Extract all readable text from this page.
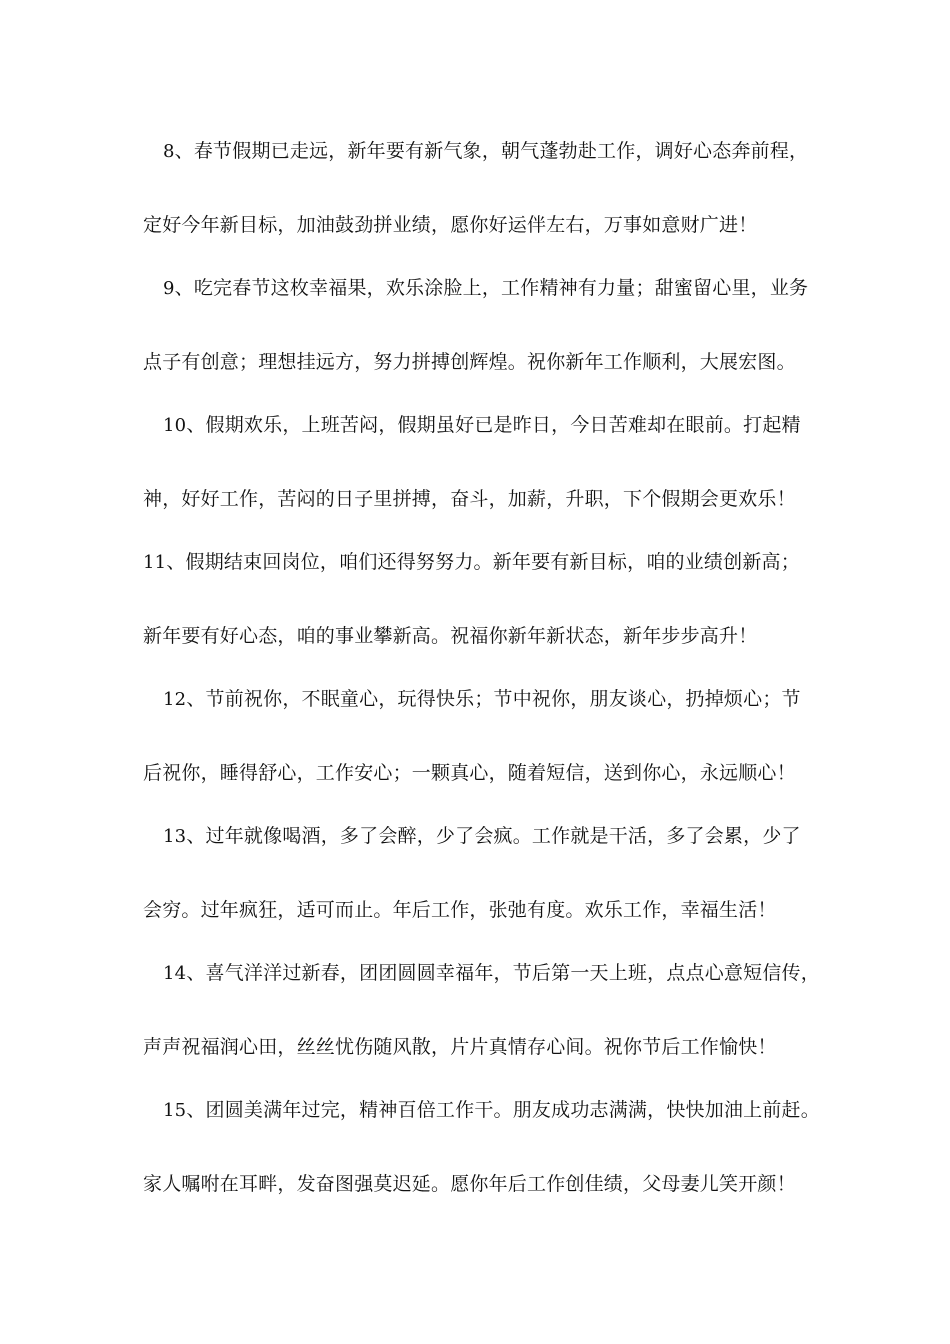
8、春节假期已走远，新年要有新气象，朝气蓬勃赴工作，调好心态奔前程，
定好今年新目标，加油鼓劲拼业绩，愿你好运伴左右，万事如意财广进！
9、吃完春节这枚幸福果，欢乐涂脸上，工作精神有力量；甜蜜留心里，业务
点子有创意；理想挂远方，努力拼搏创辉煌。祝你新年工作顺利，大展宏图。
10、假期欢乐，上班苦闷，假期虽好已是昨日，今日苦难却在眼前。打起精
神，好好工作，苦闷的日子里拼搏，奋斗，加薪，升职，下个假期会更欢乐！
11、假期结束回岗位，咱们还得努努力。新年要有新目标，咱的业绩创新高；
新年要有好心态，咱的事业攀新高。祝福你新年新状态，新年步步高升！
12、节前祝你，不眠童心，玩得快乐；节中祝你，朋友谈心，扔掉烦心；节
后祝你，睡得舒心，工作安心；一颗真心，随着短信，送到你心，永远顺心！
13、过年就像喝酒，多了会醉，少了会疯。工作就是干活，多了会累，少了
会穷。过年疯狂，适可而止。年后工作，张弛有度。欢乐工作，幸福生活！
14、喜气洋洋过新春，团团圆圆幸福年，节后第一天上班，点点心意短信传，
声声祝福润心田，丝丝忧伤随风散，片片真情存心间。祝你节后工作愉快！
15、团圆美满年过完，精神百倍工作干。朋友成功志满满，快快加油上前赶。
家人嘱咐在耳畔，发奋图强莫迟延。愿你年后工作创佳绩，父母妻儿笑开颜！
